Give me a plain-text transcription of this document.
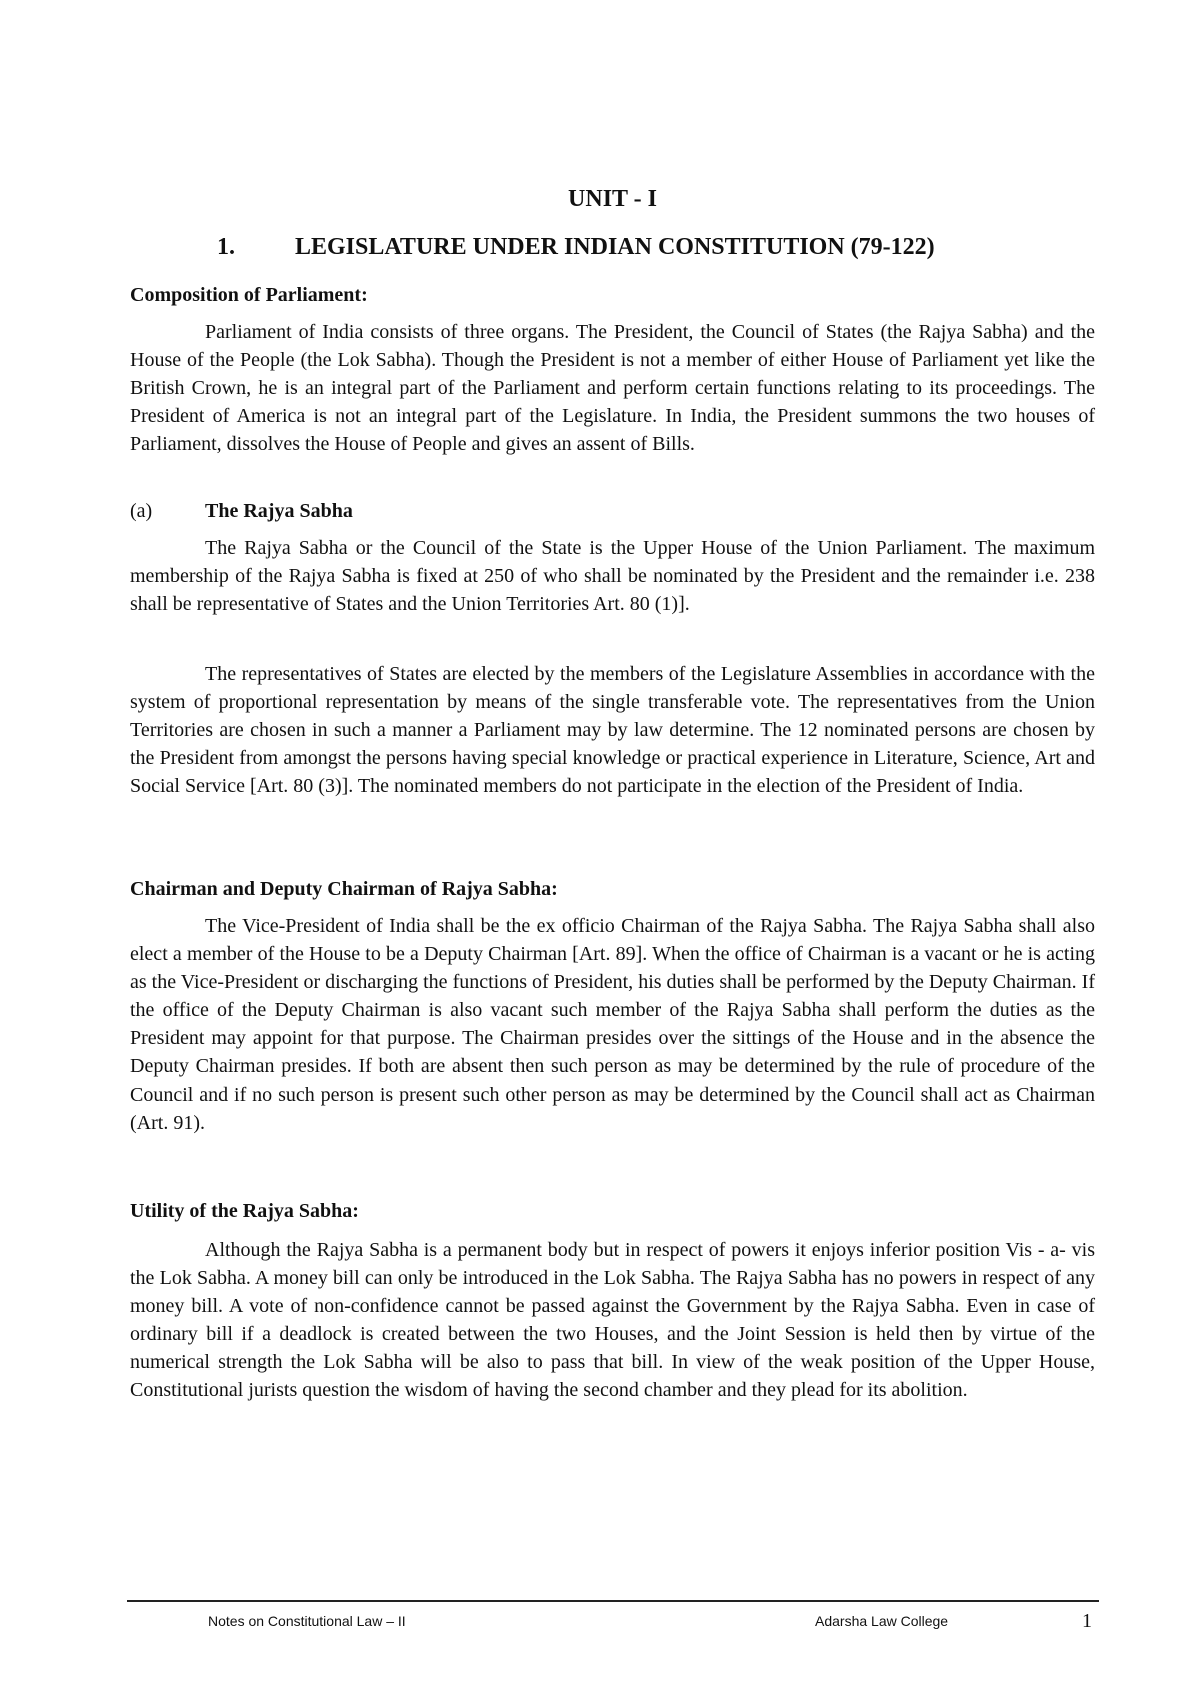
UNIT - I
1.	LEGISLATURE UNDER INDIAN CONSTITUTION (79-122)
Composition of Parliament:

Parliament of India consists of three organs. The President, the Council of States (the Rajya Sabha) and the House of the People (the Lok Sabha). Though the President is not a member of either House of Parliament yet like the British Crown, he is an integral part of the Parliament and perform certain functions relating to its proceedings. The President of America is not an integral part of the Legislature. In India, the President summons the two houses of Parliament, dissolves the House of People and gives an assent of Bills.

(a)	The Rajya Sabha

The Rajya Sabha or the Council of the State is the Upper House of the Union Parliament. The maximum membership of the Rajya Sabha is fixed at 250 of who shall be nominated by the President and the remainder i.e. 238 shall be representative of States and the Union Territories Art. 80 (1)].

The representatives of States are elected by the members of the Legislature Assemblies in accordance with the system of proportional representation by means of the single transferable vote. The representatives from the Union Territories are chosen in such a manner a Parliament may by law determine. The 12 nominated persons are chosen by the President from amongst the persons having special knowledge or practical experience in Literature, Science, Art and Social Service [Art. 80 (3)]. The nominated members do not participate in the election of the President of India.

Chairman and Deputy Chairman of Rajya Sabha:

The Vice-President of India shall be the ex officio Chairman of the Rajya Sabha. The Rajya Sabha shall also elect a member of the House to be a Deputy Chairman [Art. 89]. When the office of Chairman is a vacant or he is acting as the Vice-President or discharging the functions of President, his duties shall be performed by the Deputy Chairman. If the office of the Deputy Chairman is also vacant such member of the Rajya Sabha shall perform the duties as the President may appoint for that purpose. The Chairman presides over the sittings of the House and in the absence the Deputy Chairman presides. If both are absent then such person as may be determined by the rule of procedure of the Council and if no such person is present such other person as may be determined by the Council shall act as Chairman (Art. 91).

Utility of the Rajya Sabha:

Although the Rajya Sabha is a permanent body but in respect of powers it enjoys inferior position Vis - a- vis the Lok Sabha. A money bill can only be introduced in the Lok Sabha. The Rajya Sabha has no powers in respect of any money bill. A vote of non-confidence cannot be passed against the Government by the Rajya Sabha. Even in case of ordinary bill if a deadlock is created between the two Houses, and the Joint Session is held then by virtue of the numerical strength the Lok Sabha will be also to pass that bill. In view of the weak position of the Upper House, Constitutional jurists question the wisdom of having the second chamber and they plead for its abolition.

Notes on Constitutional Law – II	Adarsha Law College	1
